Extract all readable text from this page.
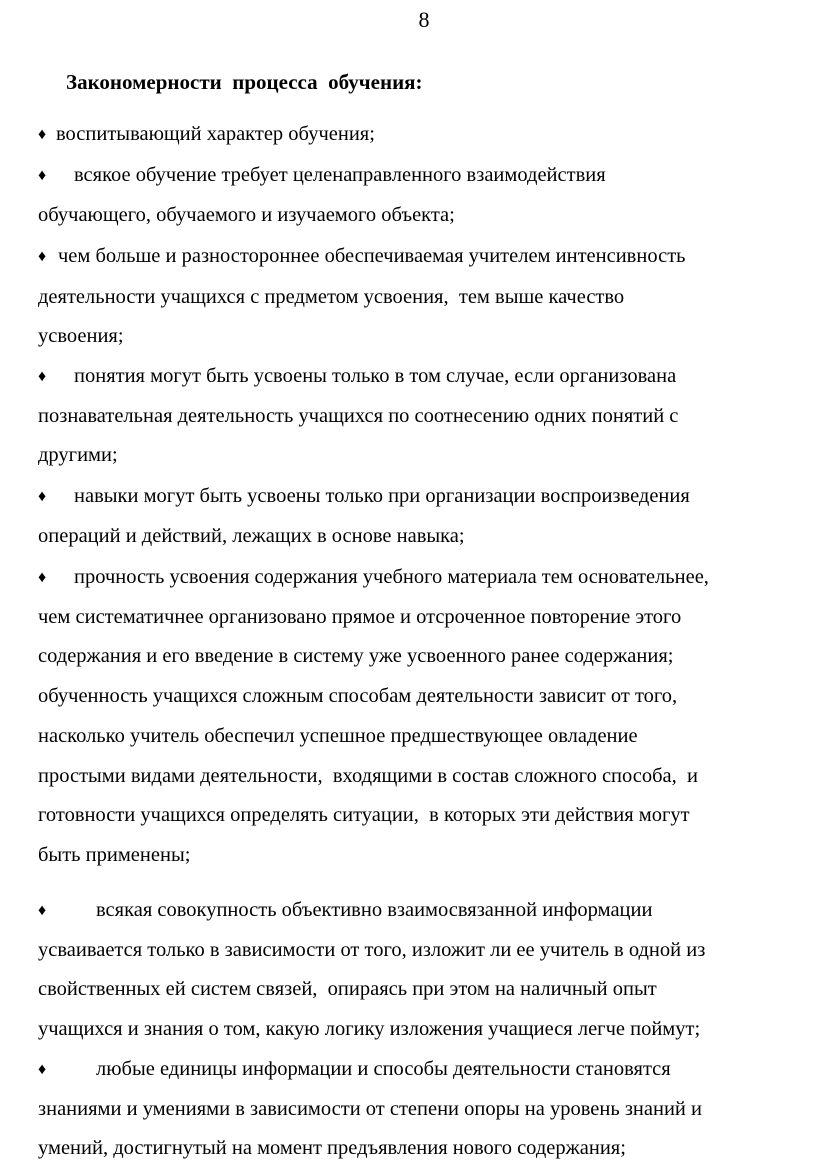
8
Закономерности  процесса  обучения:
♦ воспитывающий характер обучения;
♦ всякое обучение требует целенаправленного взаимодействия
обучающего, обучаемого и изучаемого объекта;
♦ чем больше и разностороннее обеспечиваемая учителем интенсивность
деятельности учащихся с предметом усвоения,  тем выше качество
усвоения;
♦ понятия могут быть усвоены только в том случае, если организована
познавательная деятельность учащихся по соотнесению одних понятий с
другими;
♦ навыки могут быть усвоены только при организации воспроизведения
операций и действий, лежащих в основе навыка;
♦ прочность усвоения содержания учебного материала тем основательнее,
чем систематичнее организовано прямое и отсроченное повторение этого
содержания и его введение в систему уже усвоенного ранее содержания;
обученность учащихся сложным способам деятельности зависит от того,
насколько учитель обеспечил успешное предшествующее овладение
простыми видами деятельности,  входящими в состав сложного способа,  и
готовности учащихся определять ситуации,  в которых эти действия могут
быть применены;
♦ всякая совокупность объективно взаимосвязанной информации
усваивается только в зависимости от того, изложит ли ее учитель в одной из
свойственных ей систем связей,  опираясь при этом на наличный опыт
учащихся и знания о том, какую логику изложения учащиеся легче поймут;
♦ любые единицы информации и способы деятельности становятся
знаниями и умениями в зависимости от степени опоры на уровень знаний и
умений, достигнутый на момент предъявления нового содержания;
